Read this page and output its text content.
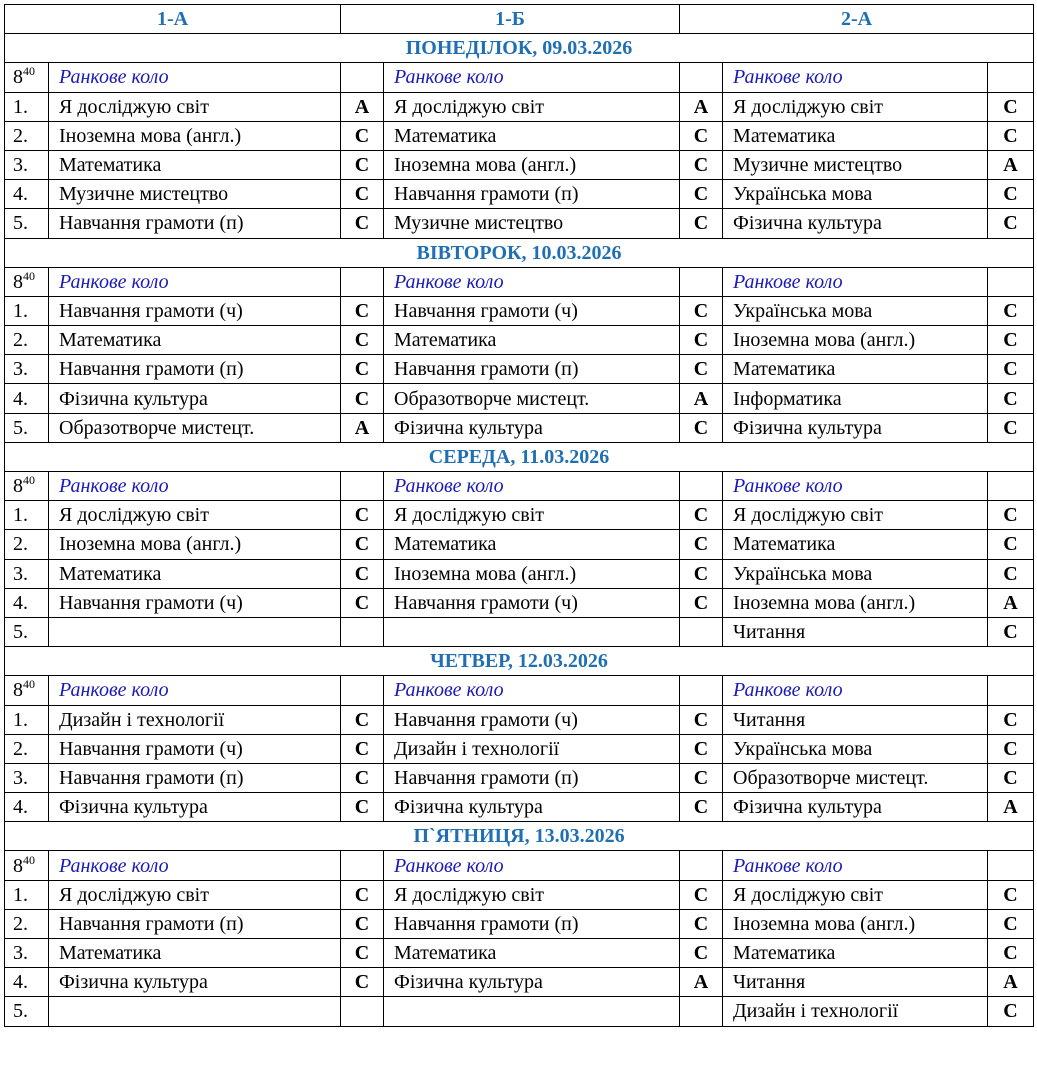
1-А		1-Б		2-А		
ПОНЕДІЛОК, 09.03.2026						
$8^{40}$	Ранкове коло		Ранкове коло		Ранкове коло	
1.	Я досліджую світ	А	Я досліджую світ	А	Я досліджую світ	С
2.	Іноземна мова (англ.)	С	Математика	С	Математика	С
3.	Математика	С	Іноземна мова (англ.)	С	Музичне мистецтво	А
4.	Музичне мистецтво	С	Навчання грамоти (п)	С	Українська мова	С
5.	Навчання грамоти (п)	С	Музичне мистецтво	С	Фізична культура	С
ВІВТОРОК, 10.03.2026						
$8^{40}$	Ранкове коло		Ранкове коло		Ранкове коло	
1.	Навчання грамоти (ч)	С	Навчання грамоти (ч)	С	Українська мова	С
2.	Математика	С	Математика	С	Іноземна мова (англ.)	С
3.	Навчання грамоти (п)	С	Навчання грамоти (п)	С	Математика	С
4.	Фізична культура	С	Образотворче мистецт.	А	Інформатика	С
5.	Образотворче мистецт.	А	Фізична культура	С	Фізична культура	С
СЕРЕДА, 11.03.2026						
$8^{40}$	Ранкове коло		Ранкове коло		Ранкове коло	
1.	Я досліджую світ	С	Я досліджую світ	С	Я досліджую світ	С
2.	Іноземна мова (англ.)	С	Математика	С	Математика	С
3.	Математика	С	Іноземна мова (англ.)	С	Українська мова	С
4.	Навчання грамоти (ч)	С	Навчання грамоти (ч)	С	Іноземна мова (англ.)	А
5.					Читання	С
ЧЕТВЕР, 12.03.2026						
$8^{40}$	Ранкове коло		Ранкове коло		Ранкове коло	
1.	Дизайн і технології	С	Навчання грамоти (ч)	С	Читання	С
2.	Навчання грамоти (ч)	С	Дизайн і технології	С	Українська мова	С
3.	Навчання грамоти (п)	С	Навчання грамоти (п)	С	Образотворче мистецт.	С
4.	Фізична культура	С	Фізична культура	С	Фізична культура	А
П`ЯТНИЦЯ, 13.03.2026						
$8^{40}$	Ранкове коло		Ранкове коло		Ранкове коло	
1.	Я досліджую світ	С	Я досліджую світ	С	Я досліджую світ	С
2.	Навчання грамоти (п)	С	Навчання грамоти (п)	С	Іноземна мова (англ.)	С
3.	Математика	С	Математика	С	Математика	С
4.	Фізична культура	С	Фізична культура	А	Читання	А
5.					Дизайн і технології	С
